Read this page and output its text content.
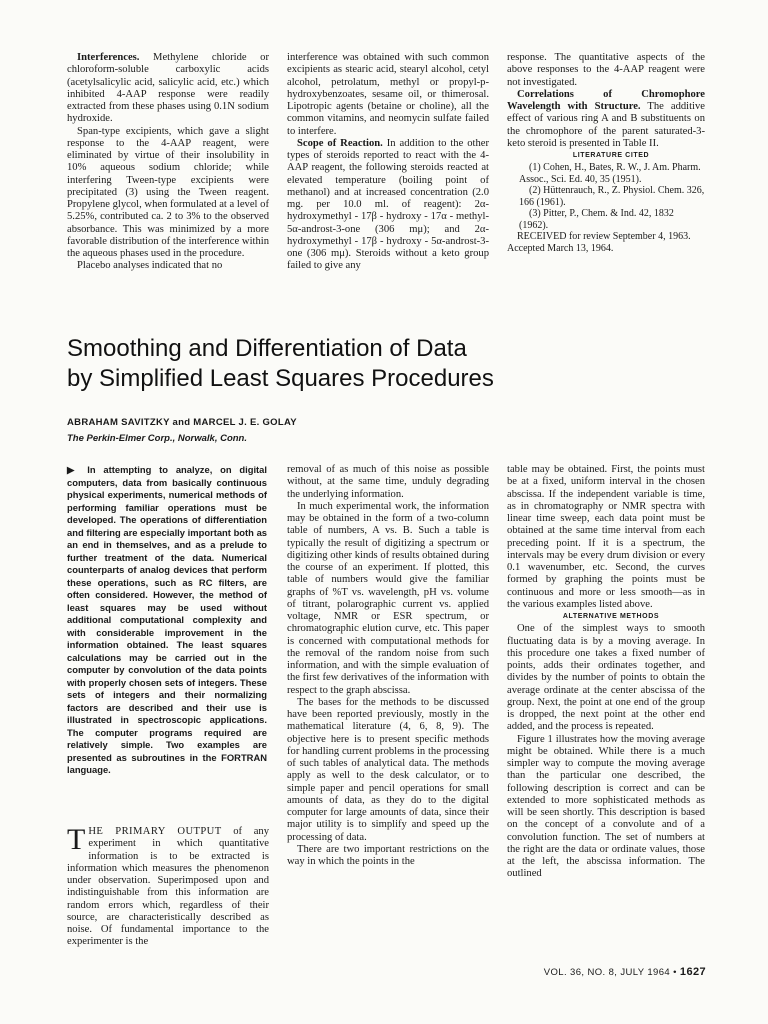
Interferences. Methylene chloride or chloroform-soluble carboxylic acids (acetylsalicylic acid, salicylic acid, etc.) which inhibited 4-AAP response were readily extracted from these phases using 0.1N sodium hydroxide.

Span-type excipients, which gave a slight response to the 4-AAP reagent, were eliminated by virtue of their insolubility in 10% aqueous sodium chloride; while interfering Tween-type excipients were precipitated (3) using the Tween reagent. Propylene glycol, when formulated at a level of 5.25%, contributed ca. 2 to 3% to the observed absorbance. This was minimized by a more favorable distribution of the interference within the aqueous phases used in the procedure.

Placebo analyses indicated that no

interference was obtained with such common excipients as stearic acid, stearyl alcohol, cetyl alcohol, petrolatum, methyl or propyl-p-hydroxybenzoates, sesame oil, or thimerosal. Lipotropic agents (betaine or choline), all the common vitamins, and neomycin sulfate failed to interfere.

Scope of Reaction. In addition to the other types of steroids reported to react with the 4-AAP reagent, the following steroids reacted at elevated temperature (boiling point of methanol) and at increased concentration (2.0 mg. per 10.0 ml. of reagent): 2α-hydroxymethyl - 17β - hydroxy - 17α - methyl-5α-androst-3-one (306 mμ); and 2α-hydroxymethyl - 17β - hydroxy - 5α-androst-3-one (306 mμ). Steroids without a keto group failed to give any

response. The quantitative aspects of the above responses to the 4-AAP reagent were not investigated.

Correlations of Chromophore Wavelength with Structure. The additive effect of various ring A and B substituents on the chromophore of the parent saturated-3-keto steroid is presented in Table II.

LITERATURE CITED

(1) Cohen, H., Bates, R. W., J. Am. Pharm. Assoc., Sci. Ed. 40, 35 (1951).

(2) Hüttenrauch, R., Z. Physiol. Chem. 326, 166 (1961).

(3) Pitter, P., Chem. & Ind. 42, 1832 (1962).

RECEIVED for review September 4, 1963. Accepted March 13, 1964.

Smoothing and Differentiation of Data
by Simplified Least Squares Procedures
ABRAHAM SAVITZKY and MARCEL J. E. GOLAY
The Perkin-Elmer Corp., Norwalk, Conn.
▶ In attempting to analyze, on digital computers, data from basically continuous physical experiments, numerical methods of performing familiar operations must be developed. The operations of differentiation and filtering are especially important both as an end in themselves, and as a prelude to further treatment of the data. Numerical counterparts of analog devices that perform these operations, such as RC filters, are often considered. However, the method of least squares may be used without additional computational complexity and with considerable improvement in the information obtained. The least squares calculations may be carried out in the computer by convolution of the data points with properly chosen sets of integers. These sets of integers and their normalizing factors are described and their use is illustrated in spectroscopic applications. The computer programs required are relatively simple. Two examples are presented as subroutines in the FORTRAN language.

THE PRIMARY OUTPUT of any experiment in which quantitative information is to be extracted is information which measures the phenomenon under observation. Superimposed upon and indistinguishable from this information are random errors which, regardless of their source, are characteristically described as noise. Of fundamental importance to the experimenter is the

removal of as much of this noise as possible without, at the same time, unduly degrading the underlying information.

In much experimental work, the information may be obtained in the form of a two-column table of numbers, A vs. B. Such a table is typically the result of digitizing a spectrum or digitizing other kinds of results obtained during the course of an experiment. If plotted, this table of numbers would give the familiar graphs of %T vs. wavelength, pH vs. volume of titrant, polarographic current vs. applied voltage, NMR or ESR spectrum, or chromatographic elution curve, etc. This paper is concerned with computational methods for the removal of the random noise from such information, and with the simple evaluation of the first few derivatives of the information with respect to the graph abscissa.

The bases for the methods to be discussed have been reported previously, mostly in the mathematical literature (4, 6, 8, 9). The objective here is to present specific methods for handling current problems in the processing of such tables of analytical data. The methods apply as well to the desk calculator, or to simple paper and pencil operations for small amounts of data, as they do to the digital computer for large amounts of data, since their major utility is to simplify and speed up the processing of data.

There are two important restrictions on the way in which the points in the

table may be obtained. First, the points must be at a fixed, uniform interval in the chosen abscissa. If the independent variable is time, as in chromatography or NMR spectra with linear time sweep, each data point must be obtained at the same time interval from each preceding point. If it is a spectrum, the intervals may be every drum division or every 0.1 wavenumber, etc. Second, the curves formed by graphing the points must be continuous and more or less smooth—as in the various examples listed above.

ALTERNATIVE METHODS

One of the simplest ways to smooth fluctuating data is by a moving average. In this procedure one takes a fixed number of points, adds their ordinates together, and divides by the number of points to obtain the average ordinate at the center abscissa of the group. Next, the point at one end of the group is dropped, the next point at the other end added, and the process is repeated.

Figure 1 illustrates how the moving average might be obtained. While there is a much simpler way to compute the moving average than the particular one described, the following description is correct and can be extended to more sophisticated methods as will be seen shortly. This description is based on the concept of a convolute and of a convolution function. The set of numbers at the right are the data or ordinate values, those at the left, the abscissa information. The outlined

VOL. 36, NO. 8, JULY 1964 • 1627
